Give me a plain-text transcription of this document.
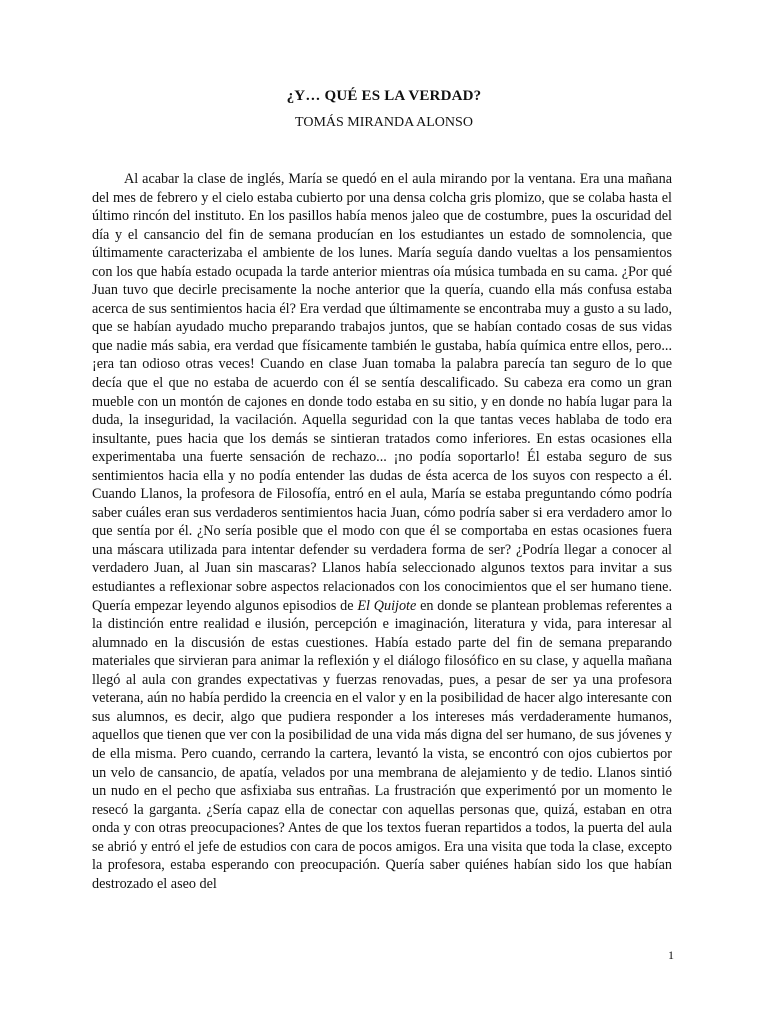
¿Y… QUÉ ES LA VERDAD?

TOMÁS MIRANDA ALONSO

Al acabar la clase de inglés, María se quedó en el aula mirando por la ventana. Era una mañana del mes de febrero y el cielo estaba cubierto por una densa colcha gris plomizo, que se colaba hasta el último rincón del instituto. En los pasillos había menos jaleo que de costumbre, pues la oscuridad del día y el cansancio del fin de semana producían en los estudiantes un estado de somnolencia, que últimamente caracterizaba el ambiente de los lunes. María seguía dando vueltas a los pensamientos con los que había estado ocupada la tarde anterior mientras oía música tumbada en su cama. ¿Por qué Juan tuvo que decirle precisamente la noche anterior que la quería, cuando ella más confusa estaba acerca de sus sentimientos hacia él? Era verdad que últimamente se encontraba muy a gusto a su lado, que se habían ayudado mucho preparando trabajos juntos, que se habían contado cosas de sus vidas que nadie más sabia, era verdad que físicamente también le gustaba, había química entre ellos, pero... ¡era tan odioso otras veces! Cuando en clase Juan tomaba la palabra parecía tan seguro de lo que decía que el que no estaba de acuerdo con él se sentía descalificado. Su cabeza era como un gran mueble con un montón de cajones en donde todo estaba en su sitio, y en donde no había lugar para la duda, la inseguridad, la vacilación. Aquella seguridad con la que tantas veces hablaba de todo era insultante, pues hacia que los demás se sintieran tratados como inferiores. En estas ocasiones ella experimentaba una fuerte sensación de rechazo... ¡no podía soportarlo! Él estaba seguro de sus sentimientos hacia ella y no podía entender las dudas de ésta acerca de los suyos con respecto a él. Cuando Llanos, la profesora de Filosofía, entró en el aula, María se estaba preguntando cómo podría saber cuáles eran sus verdaderos sentimientos hacia Juan, cómo podría saber si era verdadero amor lo que sentía por él. ¿No sería posible que el modo con que él se comportaba en estas ocasiones fuera una máscara utilizada para intentar defender su verdadera forma de ser? ¿Podría llegar a conocer al verdadero Juan, al Juan sin mascaras? Llanos había seleccionado algunos textos para invitar a sus estudiantes a reflexionar sobre aspectos relacionados con los conocimientos que el ser humano tiene. Quería empezar leyendo algunos episodios de El Quijote en donde se plantean problemas referentes a la distinción entre realidad e ilusión, percepción e imaginación, literatura y vida, para interesar al alumnado en la discusión de estas cuestiones. Había estado parte del fin de semana preparando materiales que sirvieran para animar la reflexión y el diálogo filosófico en su clase, y aquella mañana llegó al aula con grandes expectativas y fuerzas renovadas, pues, a pesar de ser ya una profesora veterana, aún no había perdido la creencia en el valor y en la posibilidad de hacer algo interesante con sus alumnos, es decir, algo que pudiera responder a los intereses más verdaderamente humanos, aquellos que tienen que ver con la posibilidad de una vida más digna del ser humano, de sus jóvenes y de ella misma. Pero cuando, cerrando la cartera, levantó la vista, se encontró con ojos cubiertos por un velo de cansancio, de apatía, velados por una membrana de alejamiento y de tedio. Llanos sintió un nudo en el pecho que asfixiaba sus entrañas. La frustración que experimentó por un momento le resecó la garganta. ¿Sería capaz ella de conectar con aquellas personas que, quizá, estaban en otra onda y con otras preocupaciones? Antes de que los textos fueran repartidos a todos, la puerta del aula se abrió y entró el jefe de estudios con cara de pocos amigos. Era una visita que toda la clase, excepto la profesora, estaba esperando con preocupación. Quería saber quiénes habían sido los que habían destrozado el aseo del

1
